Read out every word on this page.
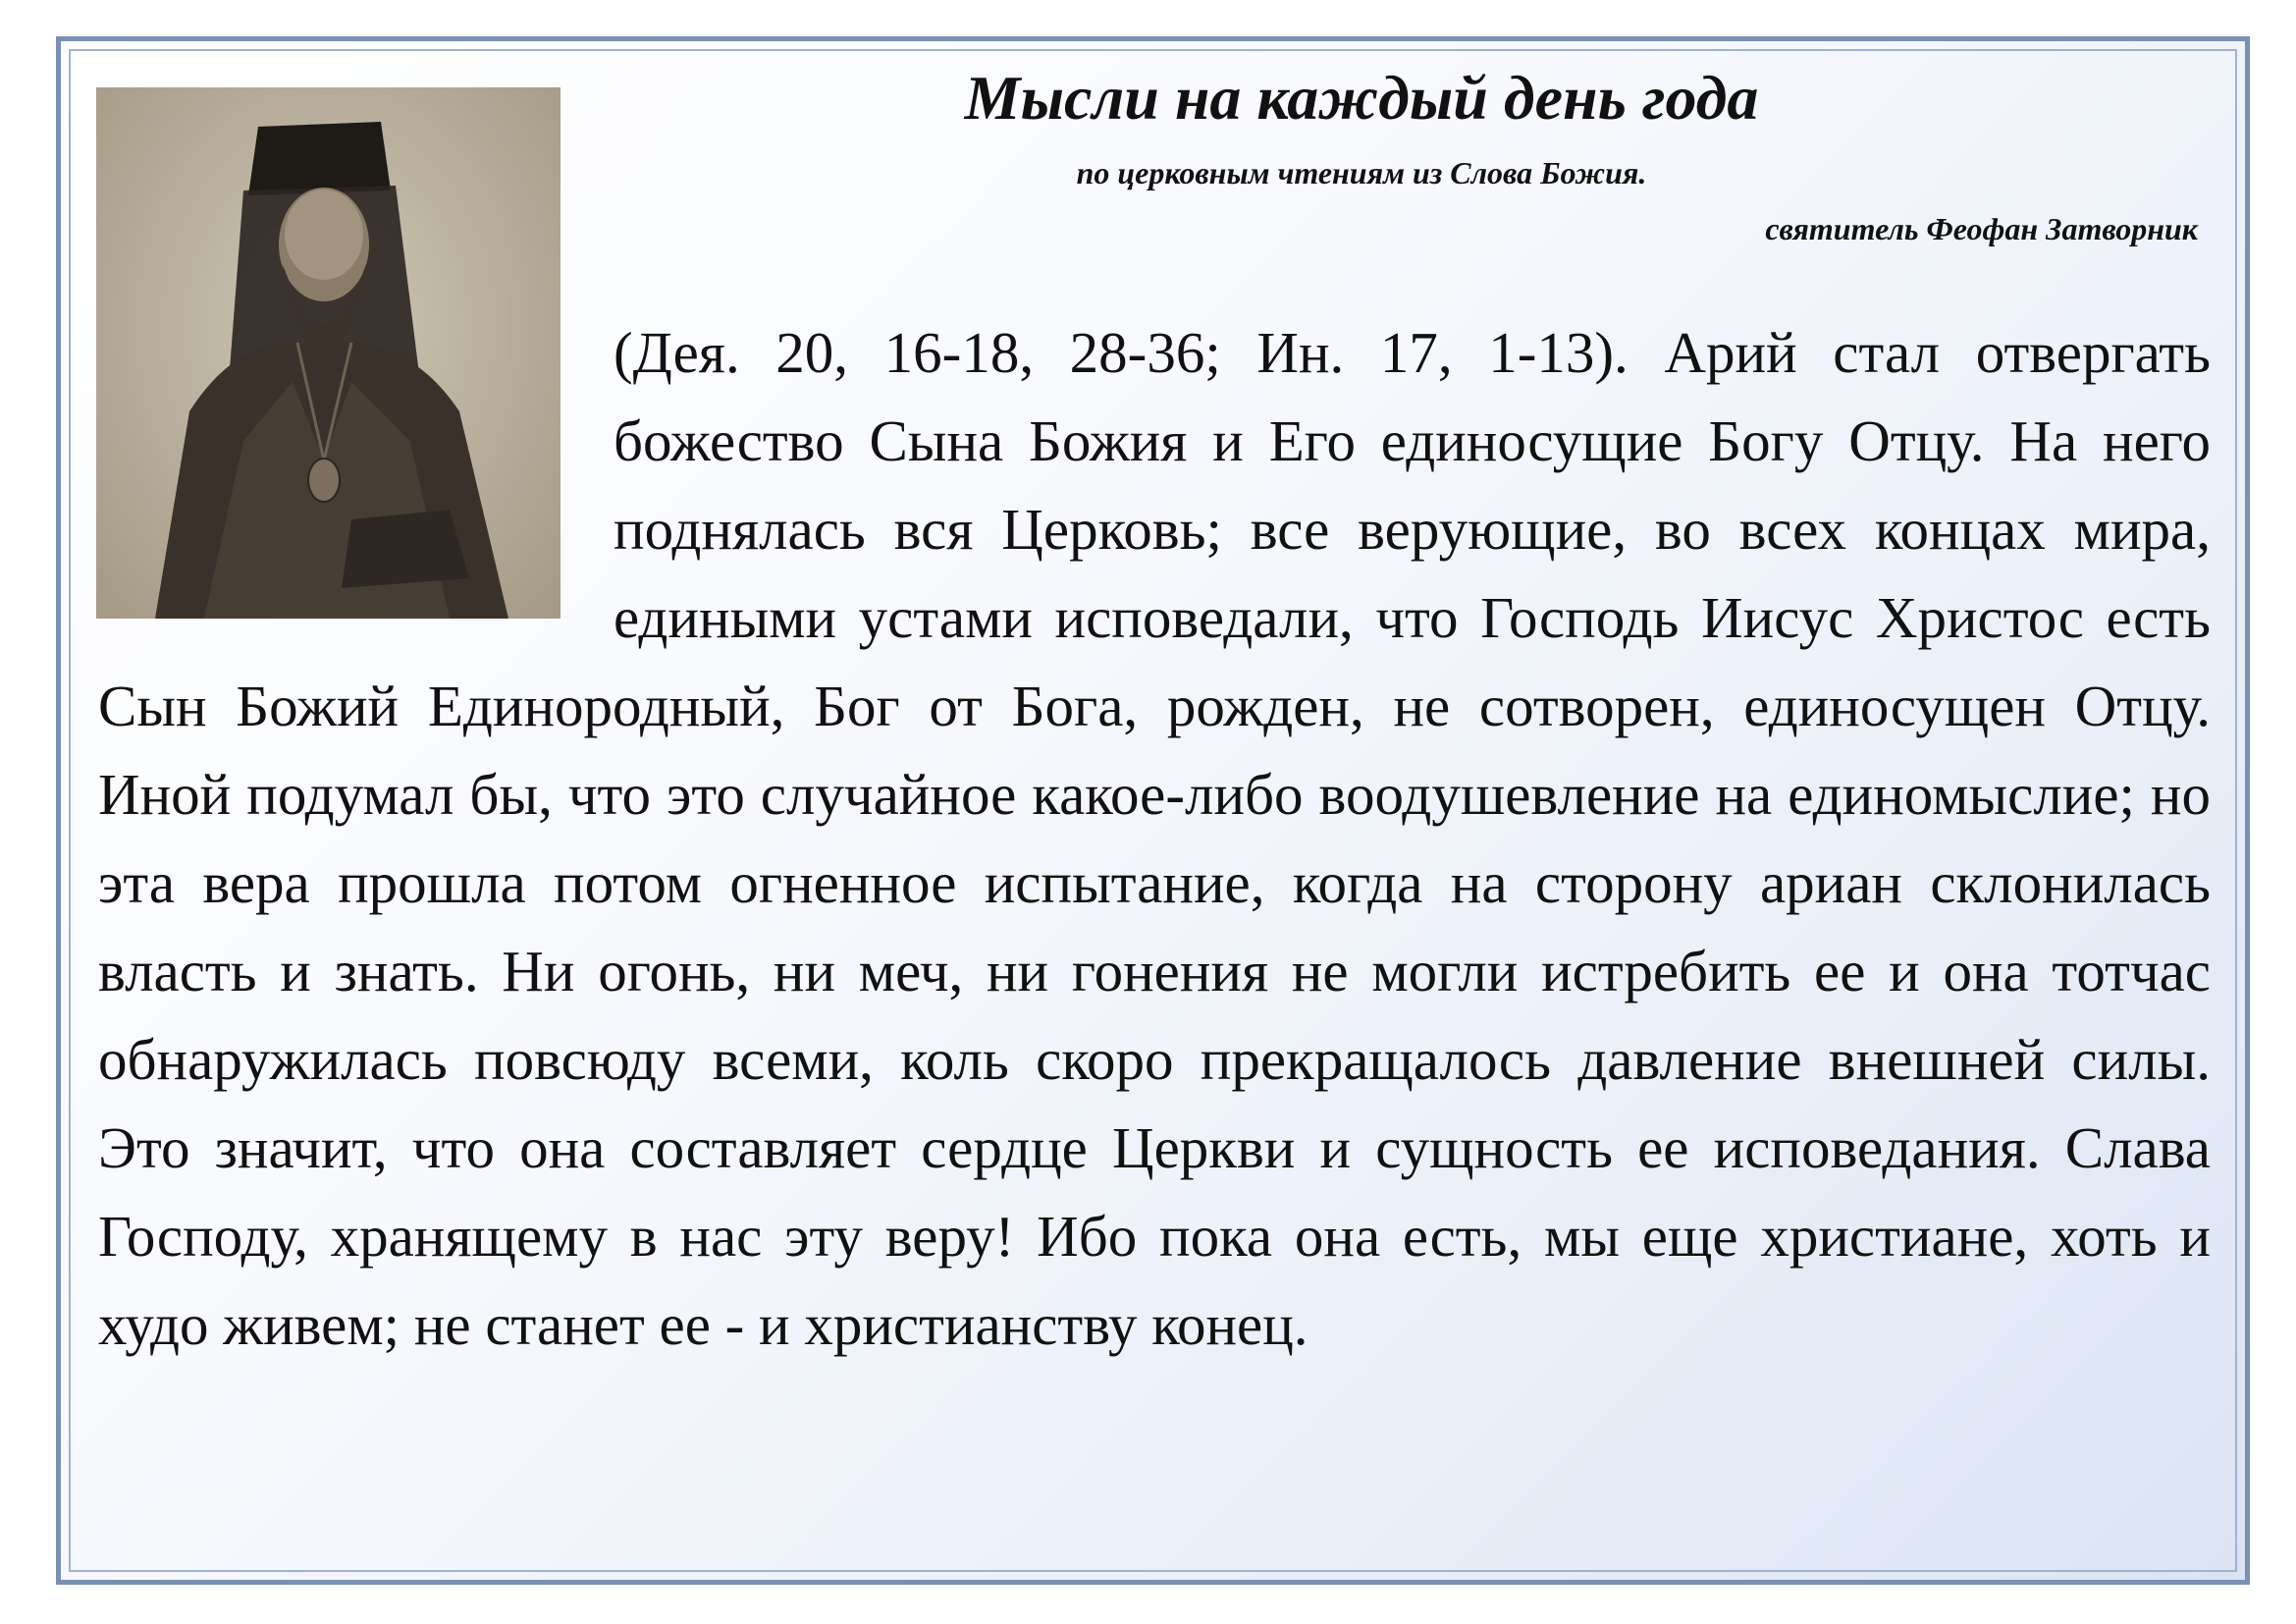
Мысли на каждый день года

по церковным чтениям из Слова Божия.

святитель Феофан Затворник

(Дея. 20, 16-18, 28-36; Ин. 17, 1-13). Арий стал отвергать божество Сына Божия и Его единосущие Богу Отцу. На него поднялась вся Церковь; все верующие, во всех концах мира, едиными устами исповедали, что Господь Иисус Христос есть Сын Божий Единородный, Бог от Бога, рожден, не сотворен, единосущен Отцу. Иной подумал бы, что это случайное какое-либо воодушевление на единомыслие; но эта вера прошла потом огненное испытание, когда на сторону ариан склонилась власть и знать. Ни огонь, ни меч, ни гонения не могли истребить ее и она тотчас обнаружилась повсюду всеми, коль скоро прекращалось давление внешней силы. Это значит, что она составляет сердце Церкви и сущность ее исповедания. Слава Господу, хранящему в нас эту веру! Ибо пока она есть, мы еще христиане, хоть и худо живем; не станет ее - и христианству конец.
